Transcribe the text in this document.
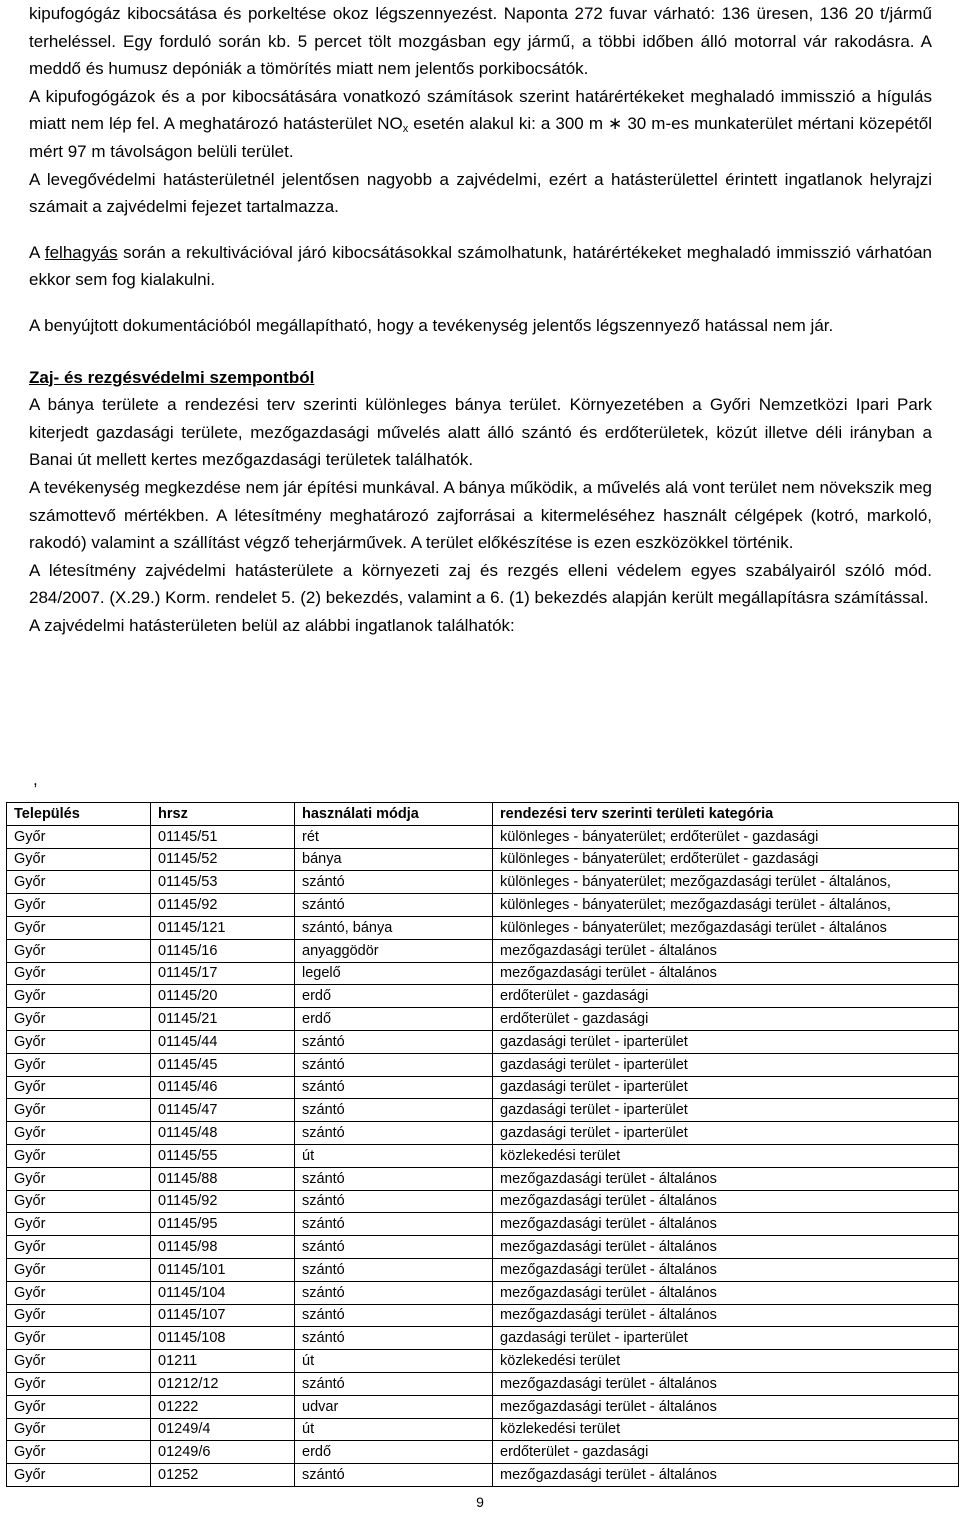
kipufogógáz kibocsátása és porkeltése okoz légszennyezést. Naponta 272 fuvar várható: 136 üresen, 136 20 t/jármű terheléssel. Egy forduló során kb. 5 percet tölt mozgásban egy jármű, a többi időben álló motorral vár rakodásra. A meddő és humusz depóniák a tömörítés miatt nem jelentős porkibocsátók.

A kipufogógázok és a por kibocsátására vonatkozó számítások szerint határértékeket meghaladó immisszió a hígulás miatt nem lép fel. A meghatározó hatásterület $NO_x$ esetén alakul ki: a 300 m ∗ 30 m-es munkaterület mértani közepétől mért 97 m távolságon belüli terület.

A levegővédelmi hatásterületnél jelentősen nagyobb a zajvédelmi, ezért a hatásterülettel érintett ingatlanok helyrajzi számait a zajvédelmi fejezet tartalmazza.

A felhagyás során a rekultivációval járó kibocsátásokkal számolhatunk, határértékeket meghaladó immisszió várhatóan ekkor sem fog kialakulni.

A benyújtott dokumentációból megállapítható, hogy a tevékenység jelentős légszennyező hatással nem jár.

Zaj- és rezgésvédelmi szempontból

A bánya területe a rendezési terv szerinti különleges bánya terület. Környezetében a Győri Nemzetközi Ipari Park kiterjedt gazdasági területe, mezőgazdasági művelés alatt álló szántó és erdőterületek, közút illetve déli irányban a Banai út mellett kertes mezőgazdasági területek találhatók.

A tevékenység megkezdése nem jár építési munkával. A bánya működik, a művelés alá vont terület nem növekszik meg számottevő mértékben. A létesítmény meghatározó zajforrásai a kitermeléséhez használt célgépek (kotró, markoló, rakodó) valamint a szállítást végző teherjárművek. A terület előkészítése is ezen eszközökkel történik.

A létesítmény zajvédelmi hatásterülete a környezeti zaj és rezgés elleni védelem egyes szabályairól szóló mód. 284/2007. (X.29.) Korm. rendelet 5. (2) bekezdés, valamint a 6. (1) bekezdés alapján került megállapításra számítással.

A zajvédelmi hatásterületen belül az alábbi ingatlanok találhatók:

,
Település	hrsz	használati módja	rendezési terv szerinti területi kategória
Győr	01145/51	rét	különleges - bányaterület; erdőterület - gazdasági
Győr	01145/52	bánya	különleges - bányaterület; erdőterület - gazdasági
Győr	01145/53	szántó	különleges - bányaterület; mezőgazdasági terület - általános,
Győr	01145/92	szántó	különleges - bányaterület; mezőgazdasági terület - általános,
Győr	01145/121	szántó, bánya	különleges - bányaterület; mezőgazdasági terület - általános
Győr	01145/16	anyaggödör	mezőgazdasági terület - általános
Győr	01145/17	legelő	mezőgazdasági terület - általános
Győr	01145/20	erdő	erdőterület - gazdasági
Győr	01145/21	erdő	erdőterület - gazdasági
Győr	01145/44	szántó	gazdasági terület - iparterület
Győr	01145/45	szántó	gazdasági terület - iparterület
Győr	01145/46	szántó	gazdasági terület - iparterület
Győr	01145/47	szántó	gazdasági terület - iparterület
Győr	01145/48	szántó	gazdasági terület - iparterület
Győr	01145/55	út	közlekedési terület
Győr	01145/88	szántó	mezőgazdasági terület - általános
Győr	01145/92	szántó	mezőgazdasági terület - általános
Győr	01145/95	szántó	mezőgazdasági terület - általános
Győr	01145/98	szántó	mezőgazdasági terület - általános
Győr	01145/101	szántó	mezőgazdasági terület - általános
Győr	01145/104	szántó	mezőgazdasági terület - általános
Győr	01145/107	szántó	mezőgazdasági terület - általános
Győr	01145/108	szántó	gazdasági terület - iparterület
Győr	01211	út	közlekedési terület
Győr	01212/12	szántó	mezőgazdasági terület - általános
Győr	01222	udvar	mezőgazdasági terület - általános
Győr	01249/4	út	közlekedési terület
Győr	01249/6	erdő	erdőterület - gazdasági
Győr	01252	szántó	mezőgazdasági terület - általános
9
